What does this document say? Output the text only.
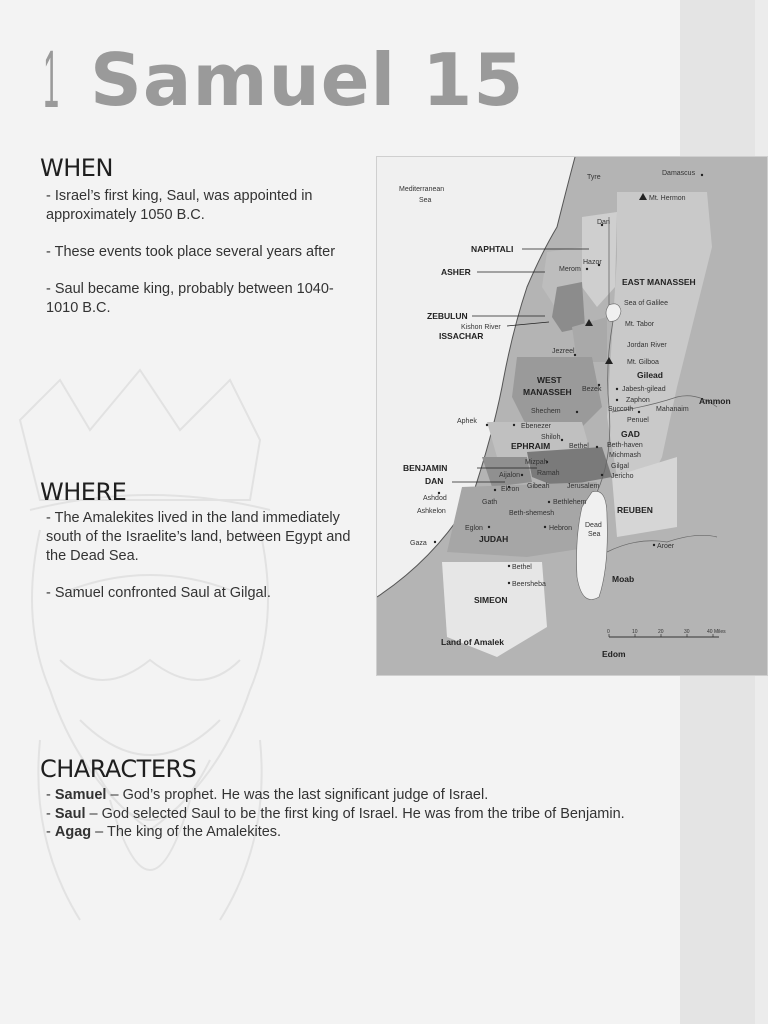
1 Samuel 15
WHEN

- Israel’s first king, Saul, was appointed in approximately 1050 B.C.

- These events took place several years after

- Saul became king, probably between 1040-1010 B.C.

WHERE

- The Amalekites lived in the land immediately south of the Israelite’s land, between Egypt and the Dead Sea.

- Samuel confronted Saul at Gilgal.

CHARACTERS
- Samuel – God’s prophet. He was the last significant judge of Israel.
- Saul – God selected Saul to be the first king of Israel. He was from the tribe of Benjamin.
- Agag – The king of the Amalekites.
Mediterranean
Sea
Tyre
Damascus
Mt. Hermon
Dan
NAPHTALI
Hazor
ASHER	Merom
EAST MANASSEH
Sea of Galilee
ZEBULUN
Kishon River	Mt. Tabor
ISSACHAR
Jordan River
Jezreel
Mt. Gilboa
WEST
MANASSEH
Gilead
Bezek	Jabesh-gilead
Zaphon	Ammon
Succoth	Mahanaim
Shechem
Penuel
Aphek
Ebenezer
GAD
Shiloh
Bethel
EPHRAIM	Beth-haven
Michmash
Mizpah
Gilgal
BENJAMIN
Ramah
Aijalon	Jericho
DAN
Gibeah Jerusalem
Ekron
Ashdod
Gath	Bethlehem
REUBEN
Ashkelon	Beth-shemesh
Dead
Sea
Hebron
Eglon
JUDAH
Gaza	Aroer
Bethel
Moab
Beersheba
SIMEON
Land of Amalek
Edom
0	10	20	30	40 Miles
